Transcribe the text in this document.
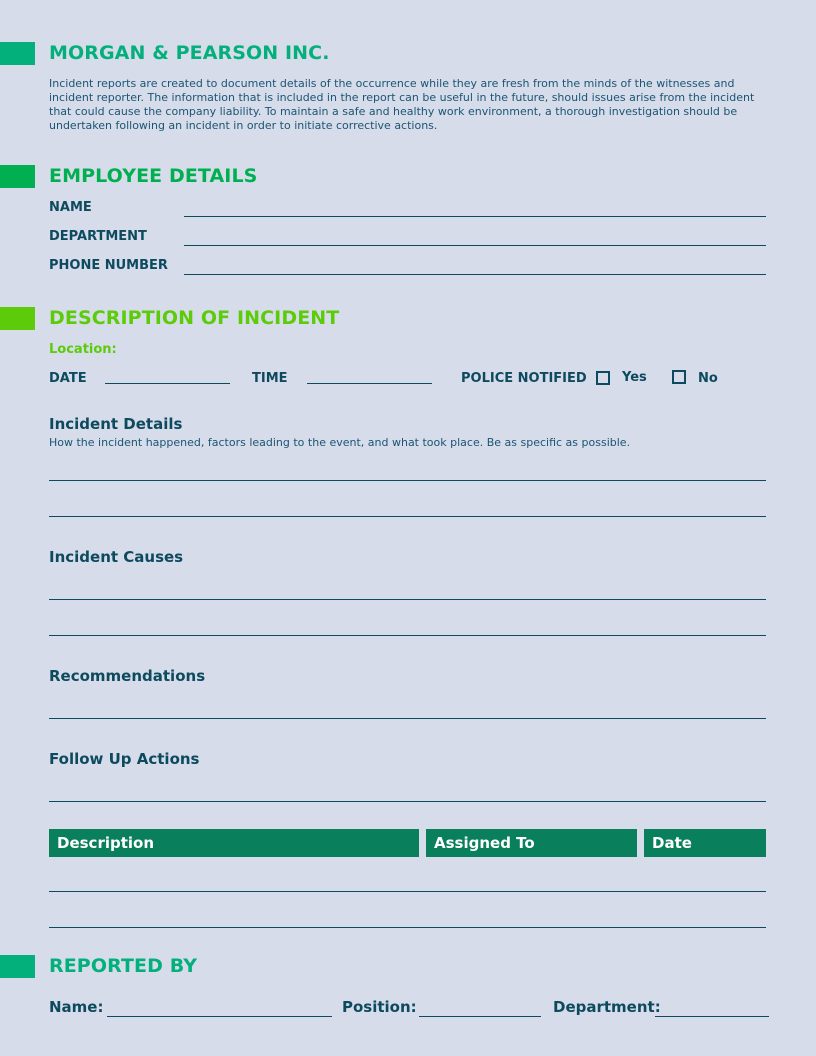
MORGAN & PEARSON INC.
Incident reports are created to document details of the occurrence while they are fresh from the minds of the witnesses and incident reporter. The information that is included in the report can be useful in the future, should issues arise from the incident that could cause the company liability. To maintain a safe and healthy work environment, a thorough investigation should be undertaken following an incident in order to initiate corrective actions.
EMPLOYEE DETAILS
NAME
DEPARTMENT
PHONE NUMBER
DESCRIPTION OF INCIDENT
Location:
DATE	TIME	POLICE NOTIFIED	Yes	No
Incident Details
How the incident happened, factors leading to the event, and what took place. Be as specific as possible.
Incident Causes
Recommendations
Follow Up Actions
Description	Assigned To	Date
REPORTED BY
Name:	Position:	Department:
